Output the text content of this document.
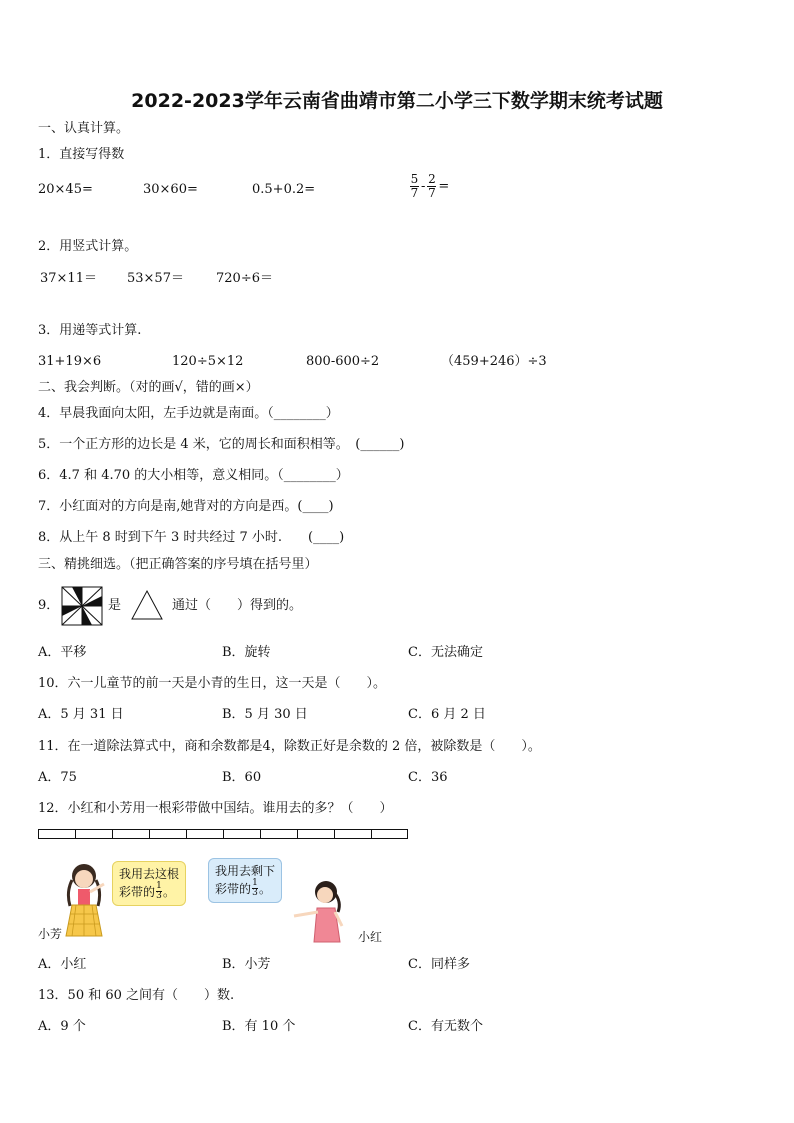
2022-2023学年云南省曲靖市第二小学三下数学期末统考试题
一、认真计算。
1．直接写得数
20×45=	30×60=	0.5+0.2=	$\frac{5}{7} - \frac{2}{7}$ =
2．用竖式计算。
37×11＝ 53×57＝ 720÷6＝
3．用递等式计算.
31+19×6	120÷5×12	800-600÷2	（459+246）÷3
二、我会判断。（对的画√，错的画×）
4．早晨我面向太阳，左手边就是南面。（________）
5．一个正方形的边长是 4 米，它的周长和面积相等。　(______)
6．4.7 和 4.70 的大小相等，意义相同。（________）
7．小红面对的方向是南,她背对的方向是西。(____)
8．从上午 8 时到下午 3 时共经过 7 小时.　　(____)
三、精挑细选。（把正确答案的序号填在括号里）
9．	是	通过（　　）得到的。
A．平移	B．旋转	C．无法确定
10．六一儿童节的前一天是小青的生日，这一天是（　　）。
A．5 月 31 日	B．5 月 30 日	C．6 月 2 日
11．在一道除法算式中，商和余数都是4，除数正好是余数的 2 倍，被除数是（　　）。
A．75	B．60	C．36
12．小红和小芳用一根彩带做中国结。谁用去的多？（　　）
我用去这根
彩带的 1
3 。
小芳
我用去剩下
彩带的 1
3 。
小红
A．小红	B．小芳	C．同样多
13．50 和 60 之间有（　　）数.
A．9 个	B．有 10 个	C．有无数个
